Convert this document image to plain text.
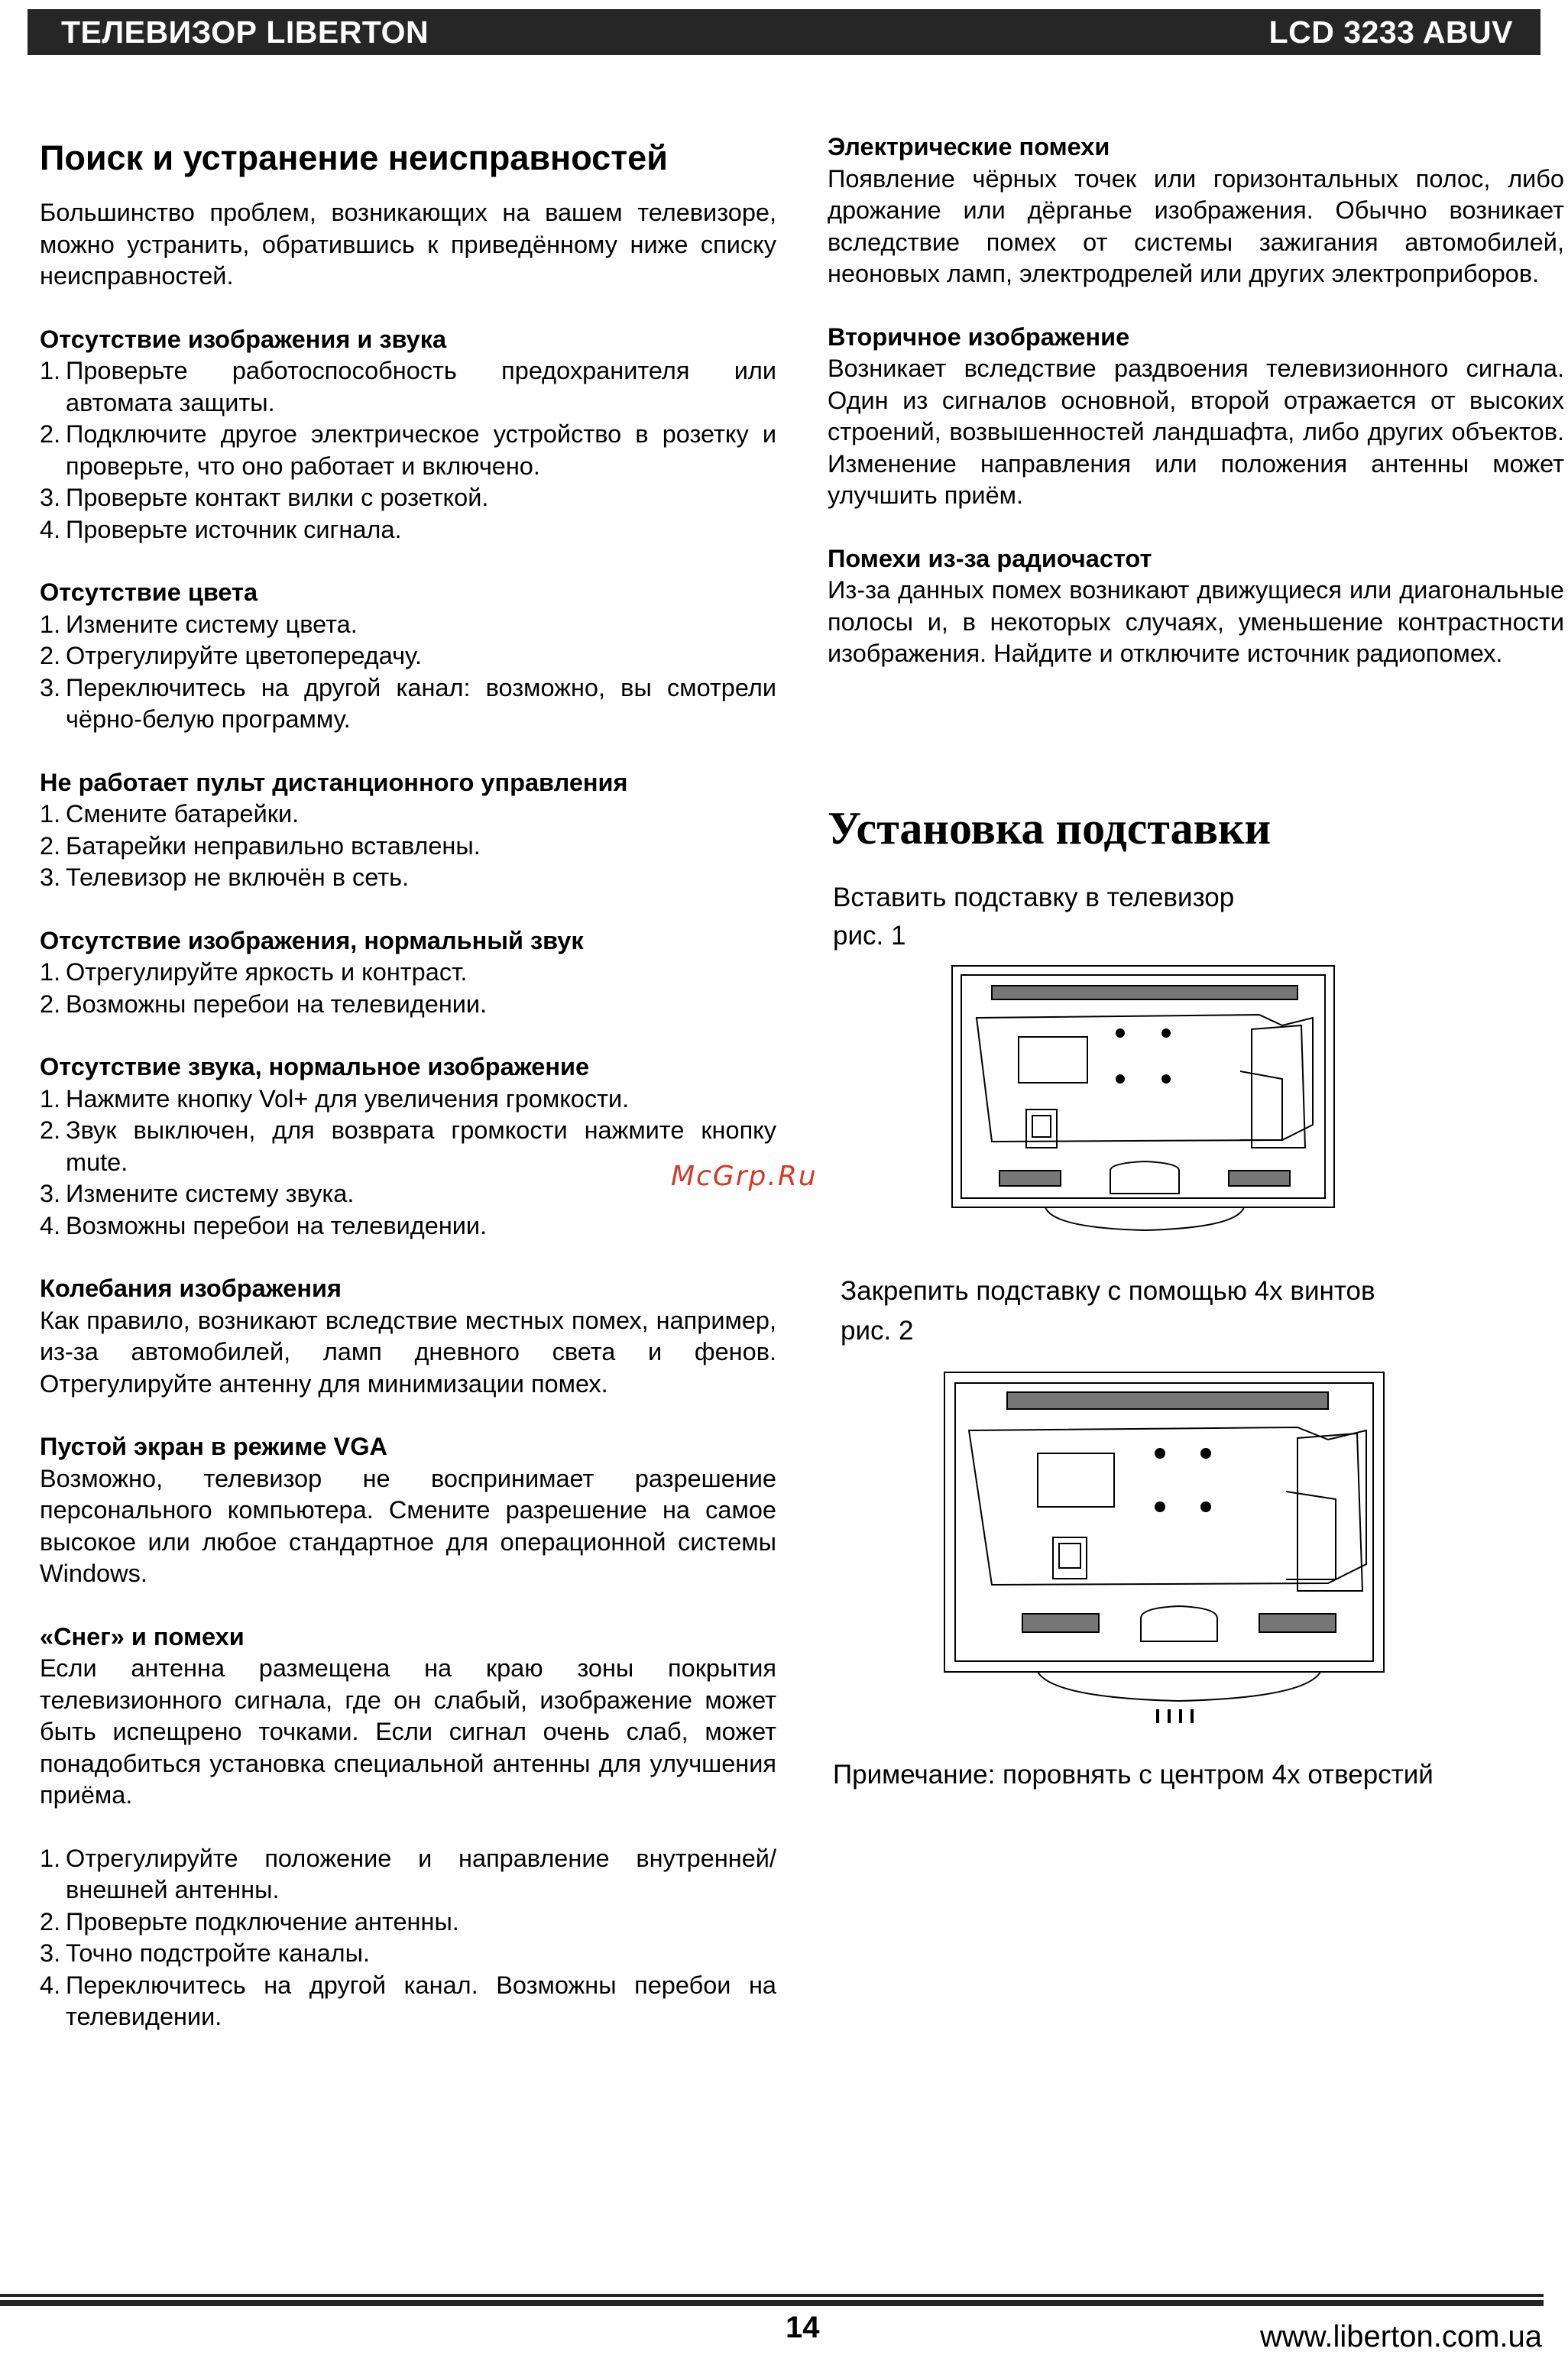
ТЕЛЕВИЗОР LIBERTON	LCD 3233 ABUV
Поиск и устранение неисправностей

Большинство проблем, возникающих на вашем телевизоре, можно устранить, обратившись к приведённому ниже списку неисправностей.

Отсутствие изображения и звука

1. Проверьте работоспособность предохранителя или автомата защиты.
2. Подключите другое электрическое устройство в розетку и проверьте, что оно работает и включено.
3. Проверьте контакт вилки с розеткой.
4. Проверьте источник сигнала.

Отсутствие цвета

1. Измените систему цвета.
2. Отрегулируйте цветопередачу.
3. Переключитесь на другой канал: возможно, вы смотрели чёрно-белую программу.

Не работает пульт дистанционного управления

1. Смените батарейки.
2. Батарейки неправильно вставлены.
3. Телевизор не включён в сеть.

Отсутствие изображения, нормальный звук

1. Отрегулируйте яркость и контраст.
2. Возможны перебои на телевидении.

Отсутствие звука, нормальное изображение

1. Нажмите кнопку Vol+ для увеличения громкости.
2. Звук выключен, для возврата громкости нажмите кнопку mute.
3. Измените систему звука.
4. Возможны перебои на телевидении.

Колебания изображения

Как правило, возникают вследствие местных помех, например, из-за автомобилей, ламп дневного света и фенов. Отрегулируйте антенну для минимизации помех.

Пустой экран в режиме VGA

Возможно, телевизор не воспринимает разрешение персонального компьютера. Смените разрешение на самое высокое или любое стандартное для операционной системы Windows.

«Снег» и помехи

Если антенна размещена на краю зоны покрытия телевизионного сигнала, где он слабый, изображение может быть испещрено точками. Если сигнал очень слаб, может понадобиться установка специальной антенны для улучшения приёма.

1. Отрегулируйте положение и направление внутренней/внешней антенны.
2. Проверьте подключение антенны.
3. Точно подстройте каналы.
4. Переключитесь на другой канал. Возможны перебои на телевидении.

Электрические помехи

Появление чёрных точек или горизонтальных полос, либо дрожание или дёрганье изображения. Обычно возникает вследствие помех от системы зажигания автомобилей, неоновых ламп, электродрелей или других электроприборов.

Вторичное изображение

Возникает вследствие раздвоения телевизионного сигнала. Один из сигналов основной, второй отражается от высоких строений, возвышенностей ландшафта, либо других объектов. Изменение направления или положения антенны может улучшить приём.

Помехи из-за радиочастот

Из-за данных помех возникают движущиеся или диагональные полосы и, в некоторых случаях, уменьшение контрастности изображения. Найдите и отключите источник радиопомех.

Установка подставки

Вставить подставку в телевизор

рис. 1

Закрепить подставку с помощью 4х винтов

рис. 2

Примечание: поровнять с центром 4х отверстий

McGrp.Ru
14	www.liberton.com.ua
